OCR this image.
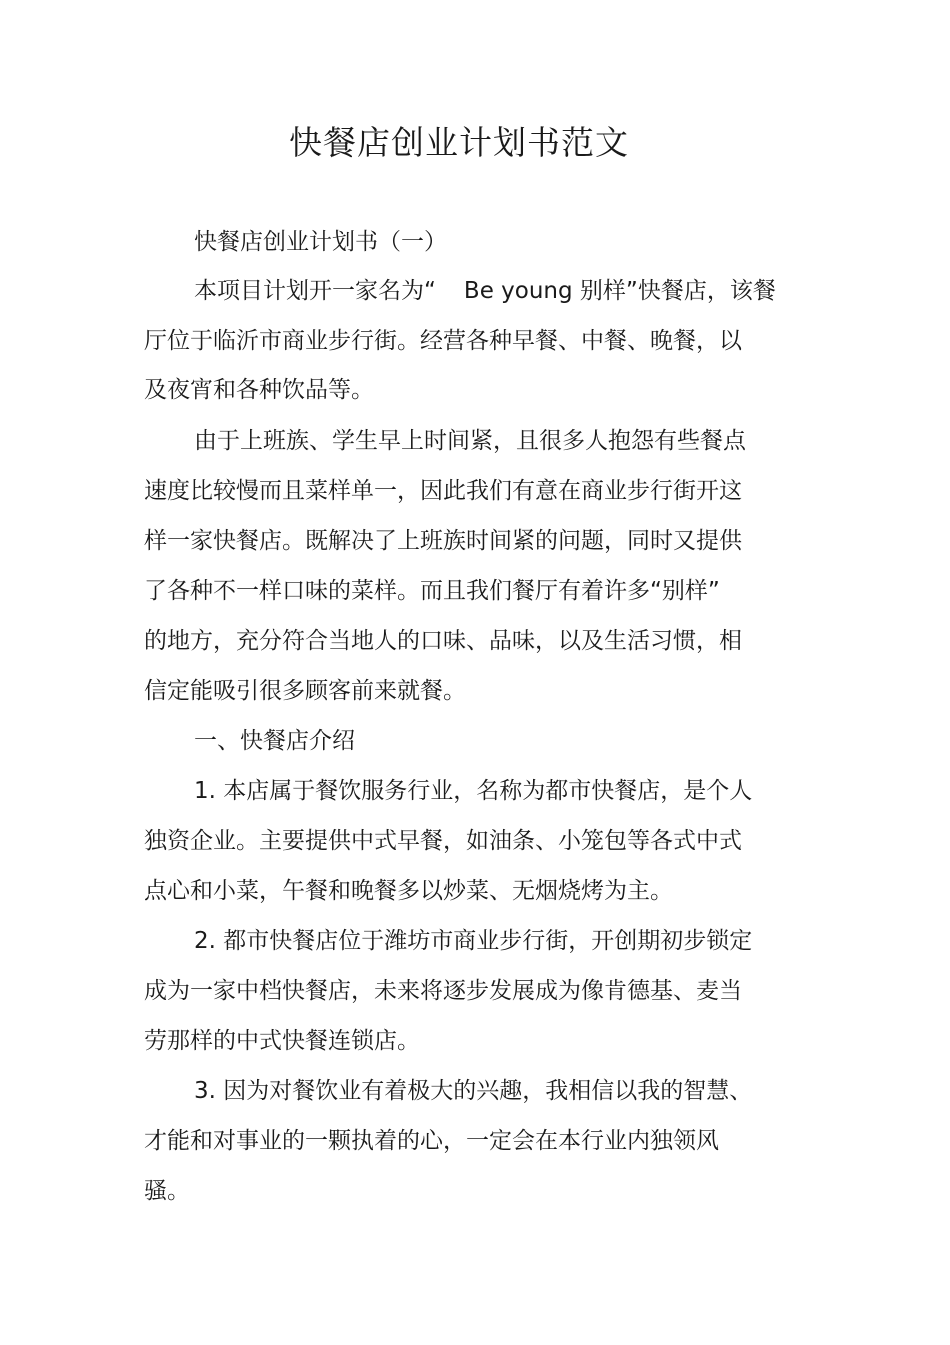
快餐店创业计划书范文
快餐店创业计划书（一）
本项目计划开一家名为“ Be young 别样”快餐店，该餐
厅位于临沂市商业步行街。经营各种早餐、中餐、晚餐，以
及夜宵和各种饮品等。
由于上班族、学生早上时间紧，且很多人抱怨有些餐点
速度比较慢而且菜样单一，因此我们有意在商业步行街开这
样一家快餐店。既解决了上班族时间紧的问题，同时又提供
了各种不一样口味的菜样。而且我们餐厅有着许多“别样”
的地方，充分符合当地人的口味、品味，以及生活习惯，相
信定能吸引很多顾客前来就餐。
一、快餐店介绍
1. 本店属于餐饮服务行业，名称为都市快餐店，是个人
独资企业。主要提供中式早餐，如油条、小笼包等各式中式
点心和小菜，午餐和晚餐多以炒菜、无烟烧烤为主。
2. 都市快餐店位于潍坊市商业步行街，开创期初步锁定
成为一家中档快餐店，未来将逐步发展成为像肯德基、麦当
劳那样的中式快餐连锁店。
3. 因为对餐饮业有着极大的兴趣，我相信以我的智慧、
才能和对事业的一颗执着的心，一定会在本行业内独领风
骚。
